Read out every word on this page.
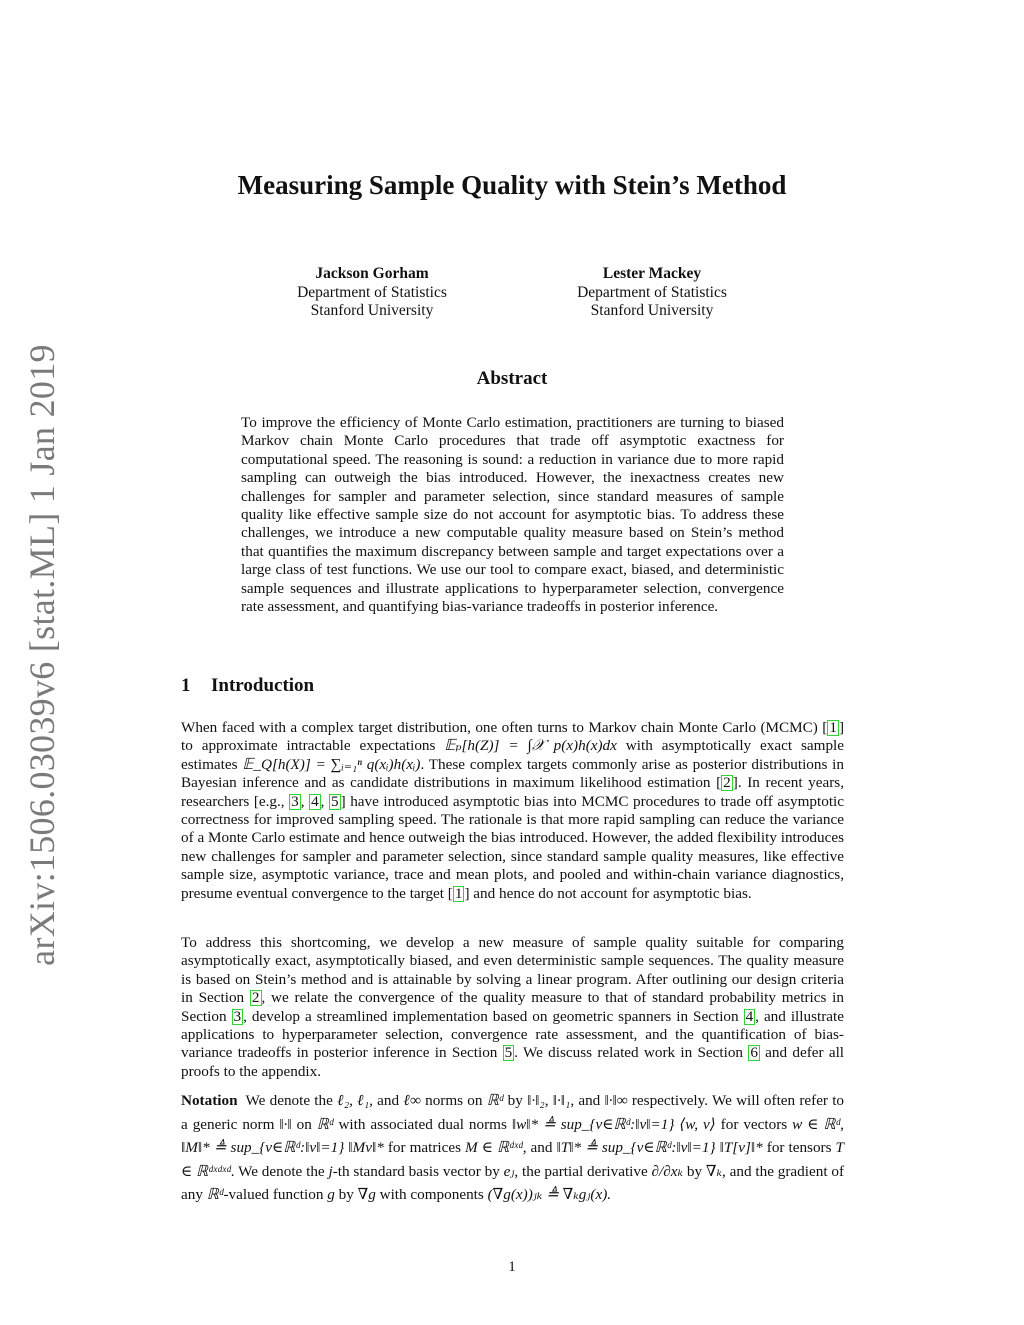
arXiv:1506.03039v6 [stat.ML] 1 Jan 2019
Measuring Sample Quality with Stein’s Method
Jackson Gorham
Department of Statistics
Stanford University
Lester Mackey
Department of Statistics
Stanford University
Abstract
To improve the efficiency of Monte Carlo estimation, practitioners are turning to biased Markov chain Monte Carlo procedures that trade off asymptotic exactness for computational speed. The reasoning is sound: a reduction in variance due to more rapid sampling can outweigh the bias introduced. However, the inexactness creates new challenges for sampler and parameter selection, since standard measures of sample quality like effective sample size do not account for asymptotic bias. To address these challenges, we introduce a new computable quality measure based on Stein’s method that quantifies the maximum discrepancy between sample and target expectations over a large class of test functions. We use our tool to compare exact, biased, and deterministic sample sequences and illustrate applications to hyperparameter selection, convergence rate assessment, and quantifying bias-variance tradeoffs in posterior inference.
1 Introduction
When faced with a complex target distribution, one often turns to Markov chain Monte Carlo (MCMC) [ 1 ] to approximate intractable expectations 𝔼ₚ[h(Z)] = ∫𝒳 p(x)h(x)dx with asymptotically exact sample estimates 𝔼_Q[h(X)] = ∑ᵢ₌₁ⁿ q(xᵢ)h(xᵢ). These complex targets commonly arise as posterior distributions in Bayesian inference and as candidate distributions in maximum likelihood estimation [ 2 ]. In recent years, researchers [e.g., 3 , 4 , 5 ] have introduced asymptotic bias into MCMC procedures to trade off asymptotic correctness for improved sampling speed. The rationale is that more rapid sampling can reduce the variance of a Monte Carlo estimate and hence outweigh the bias introduced. However, the added flexibility introduces new challenges for sampler and parameter selection, since standard sample quality measures, like effective sample size, asymptotic variance, trace and mean plots, and pooled and within-chain variance diagnostics, presume eventual convergence to the target [ 1 ] and hence do not account for asymptotic bias.
To address this shortcoming, we develop a new measure of sample quality suitable for comparing asymptotically exact, asymptotically biased, and even deterministic sample sequences. The quality measure is based on Stein’s method and is attainable by solving a linear program. After outlining our design criteria in Section 2 , we relate the convergence of the quality measure to that of standard probability metrics in Section 3 , develop a streamlined implementation based on geometric spanners in Section 4 , and illustrate applications to hyperparameter selection, convergence rate assessment, and the quantification of bias-variance tradeoffs in posterior inference in Section 5 . We discuss related work in Section 6 and defer all proofs to the appendix.
Notation We denote the ℓ₂, ℓ₁, and ℓ∞ norms on ℝᵈ by ‖·‖₂, ‖·‖₁, and ‖·‖∞ respectively. We will often refer to a generic norm ‖·‖ on ℝᵈ with associated dual norms ‖w‖* ≜ sup_{v∈ℝᵈ:‖v‖=1} ⟨w, v⟩ for vectors w ∈ ℝᵈ, ‖M‖* ≜ sup_{v∈ℝᵈ:‖v‖=1} ‖Mv‖* for matrices M ∈ ℝᵈˣᵈ, and ‖T‖* ≜ sup_{v∈ℝᵈ:‖v‖=1} ‖T[v]‖* for tensors T ∈ ℝᵈˣᵈˣᵈ. We denote the j-th standard basis vector by eⱼ, the partial derivative ∂/∂xₖ by ∇ₖ, and the gradient of any ℝᵈ-valued function g by ∇g with components (∇g(x))ⱼₖ ≜ ∇ₖgⱼ(x).
1
